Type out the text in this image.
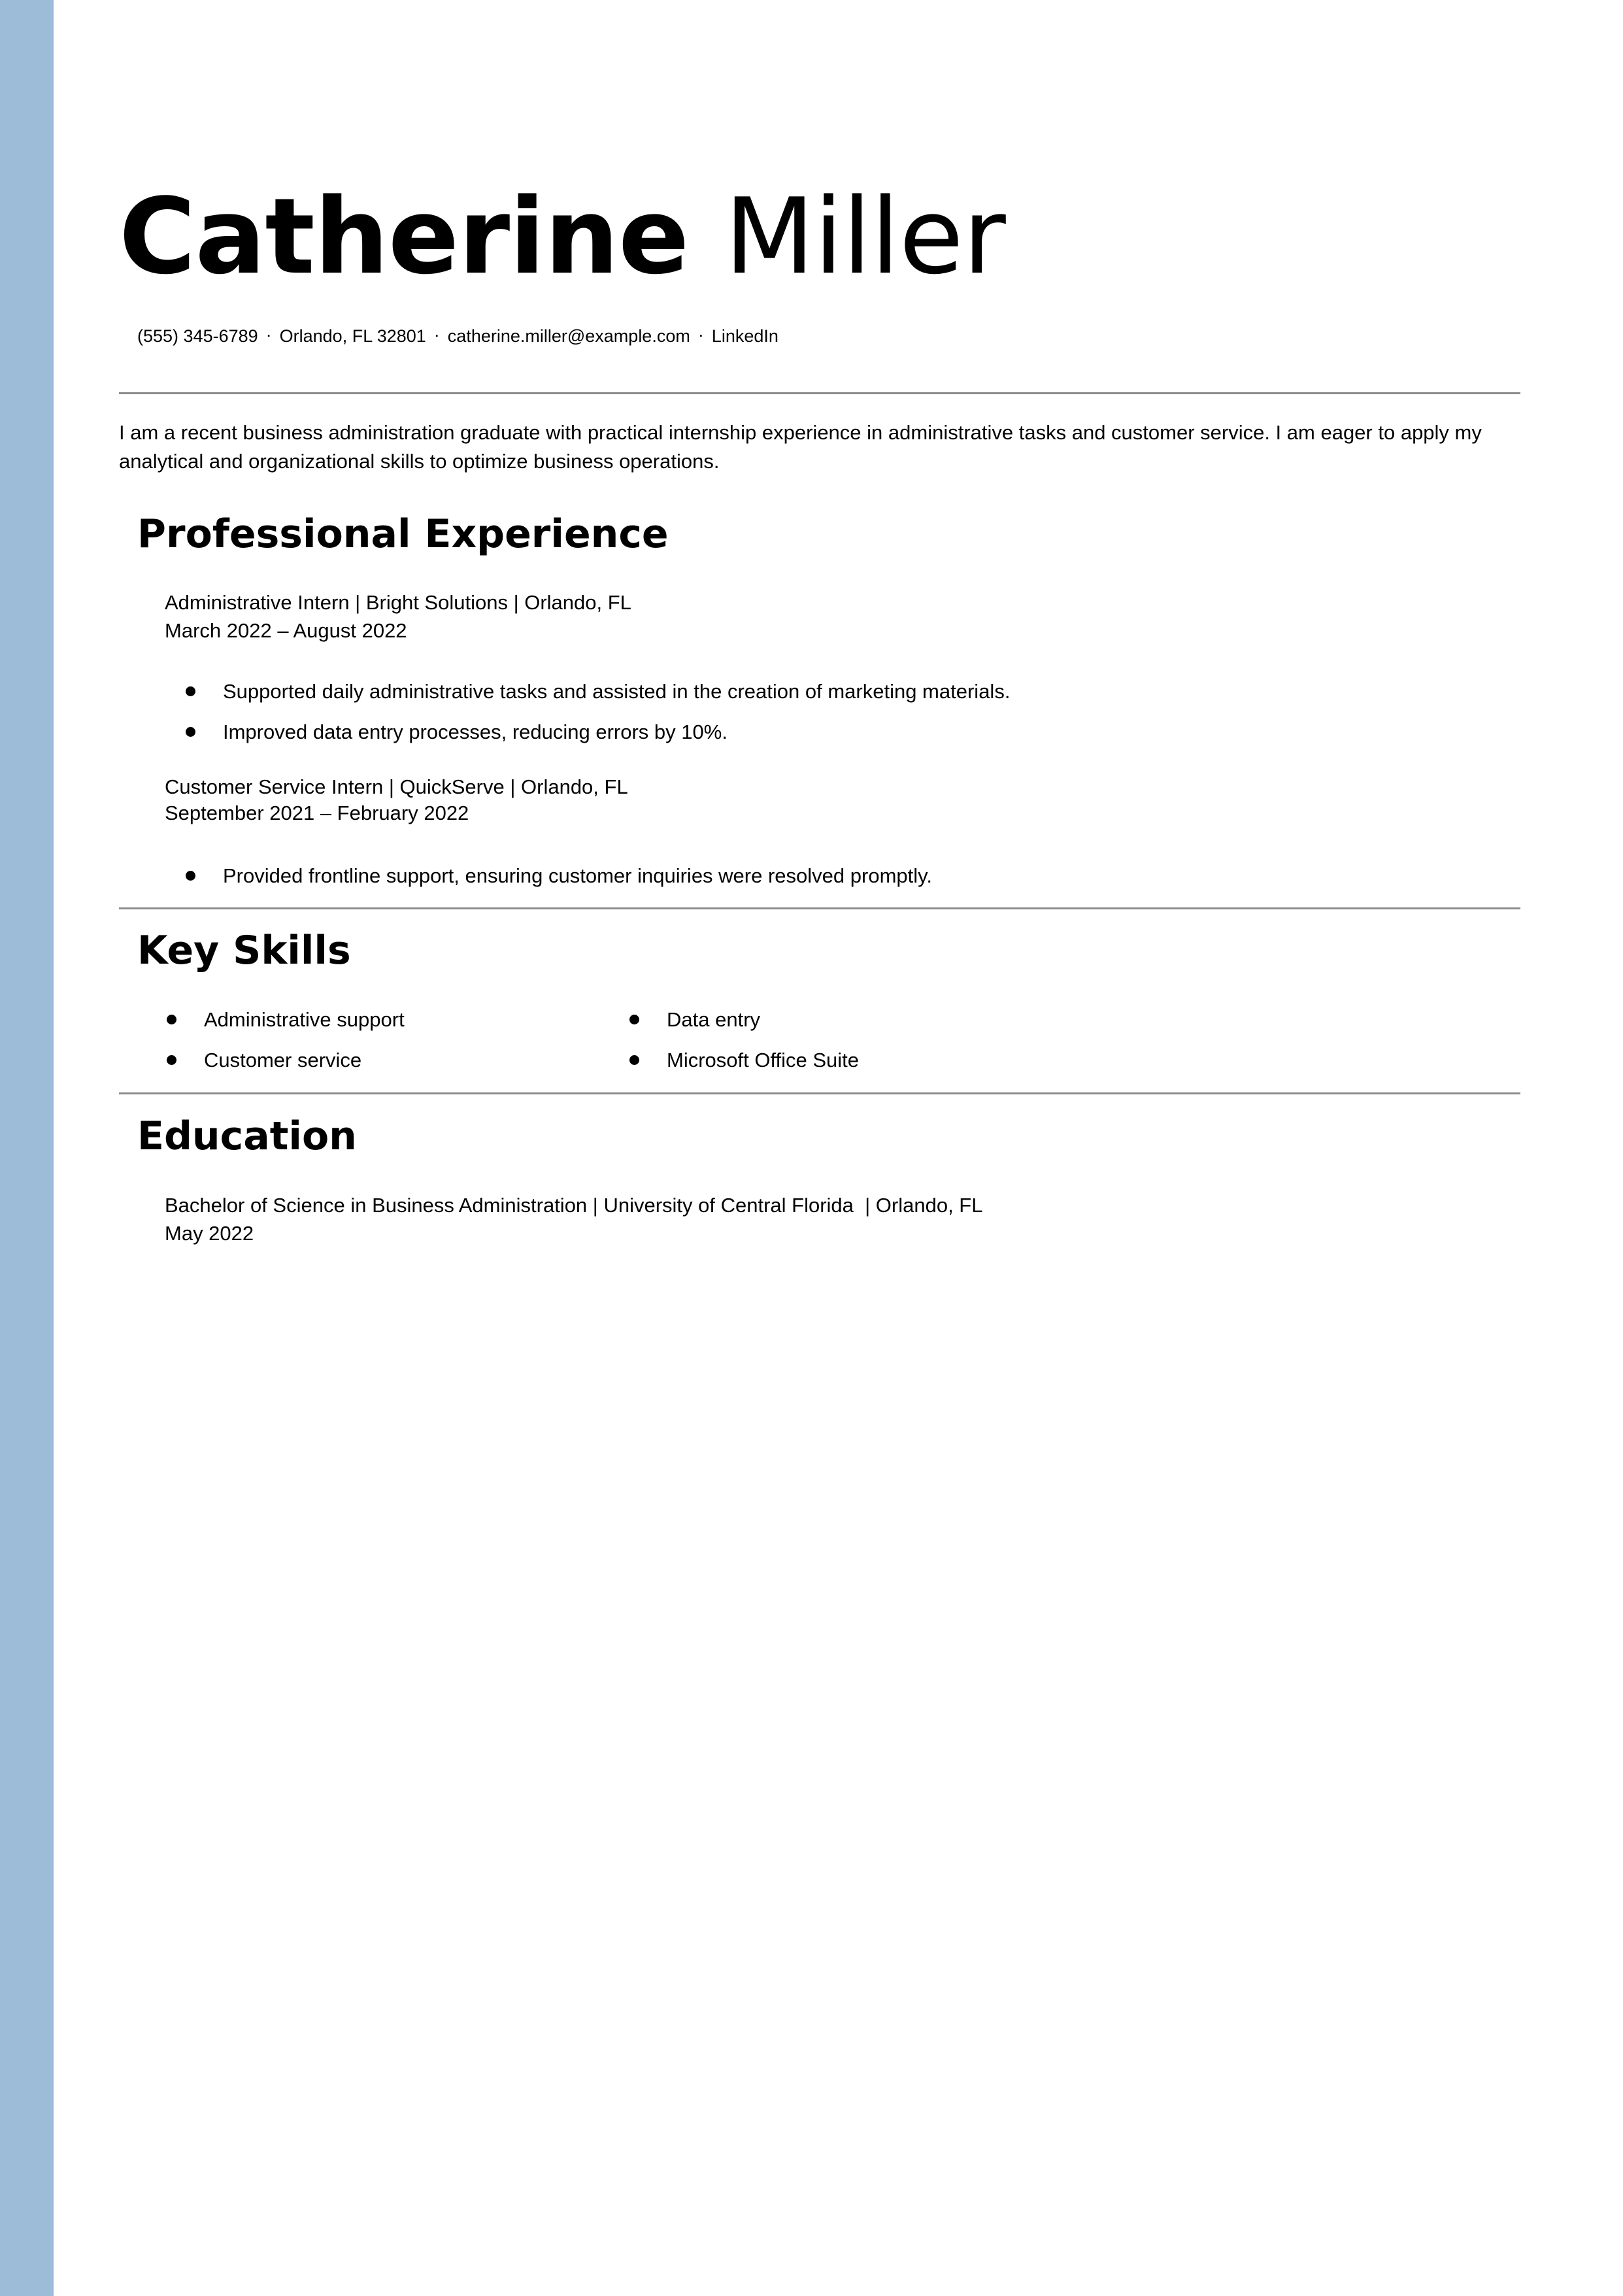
Catherine Miller
(555) 345-6789 · Orlando, FL 32801 · catherine.miller@example.com · LinkedIn

I am a recent business administration graduate with practical internship experience in administrative tasks and customer service. I am eager to apply my analytical and organizational skills to optimize business operations.

Professional Experience
Administrative Intern | Bright Solutions | Orlando, FL
March 2022 – August 2022
Supported daily administrative tasks and assisted in the creation of marketing materials.
Improved data entry processes, reducing errors by 10%.
Customer Service Intern | QuickServe | Orlando, FL
September 2021 – February 2022
Provided frontline support, ensuring customer inquiries were resolved promptly.
Key Skills
Administrative support	Data entry
Customer service	Microsoft Office Suite
Education
Bachelor of Science in Business Administration | University of Central Florida  | Orlando, FL
May 2022
